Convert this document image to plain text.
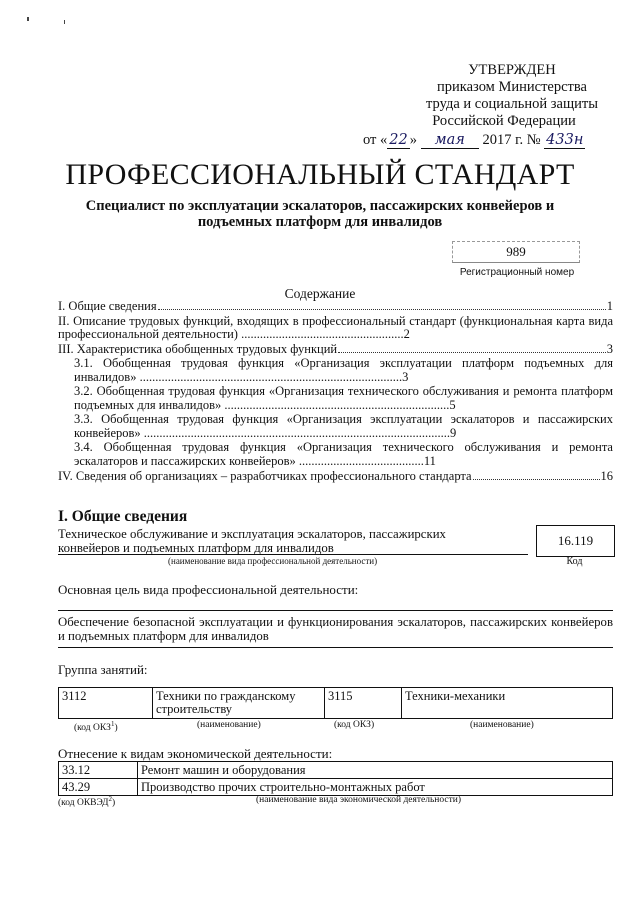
УТВЕРЖДЕН
приказом Министерства
труда и социальной защиты
Российской Федерации
от « 22 » мая 2017 г. № 433н
ПРОФЕССИОНАЛЬНЫЙ СТАНДАРТ
Специалист по эксплуатации эскалаторов, пассажирских конвейеров и подъемных платформ для инвалидов
989
Регистрационный номер
Содержание
I. Общие сведения	1
II. Описание трудовых функций, входящих в профессиональный стандарт (функциональная карта вида профессиональной деятельности) ....................................................2
III. Характеристика обобщенных трудовых функций	3
3.1. Обобщенная трудовая функция «Организация эксплуатации платформ подъемных для инвалидов» ....................................................................................3
3.2. Обобщенная трудовая функция «Организация технического обслуживания и ремонта платформ подъемных для инвалидов» ........................................................................5
3.3. Обобщенная трудовая функция «Организация эксплуатации эскалаторов и пассажирских конвейеров» ..................................................................................................9
3.4. Обобщенная трудовая функция «Организация технического обслуживания и ремонта эскалаторов и пассажирских конвейеров» ........................................11
IV. Сведения об организациях – разработчиках профессионального стандарта	16
I. Общие сведения
Техническое обслуживание и эксплуатация эскалаторов, пассажирских конвейеров и подъемных платформ для инвалидов
(наименование вида профессиональной деятельности)
16.119
Код
Основная цель вида профессиональной деятельности:
Обеспечение безопасной эксплуатации и функционирования эскалаторов, пассажирских конвейеров и подъемных платформ для инвалидов
Группа занятий:
3112	Техники по гражданскому строительству	3115	Техники-механики
(код ОКЗ$^1$)	(наименование)	(код ОКЗ)	(наименование)
Отнесение к видам экономической деятельности:
33.12	Ремонт машин и оборудования
43.29	Производство прочих строительно-монтажных работ
(код ОКВЭД$^2$)	(наименование вида экономической деятельности)
